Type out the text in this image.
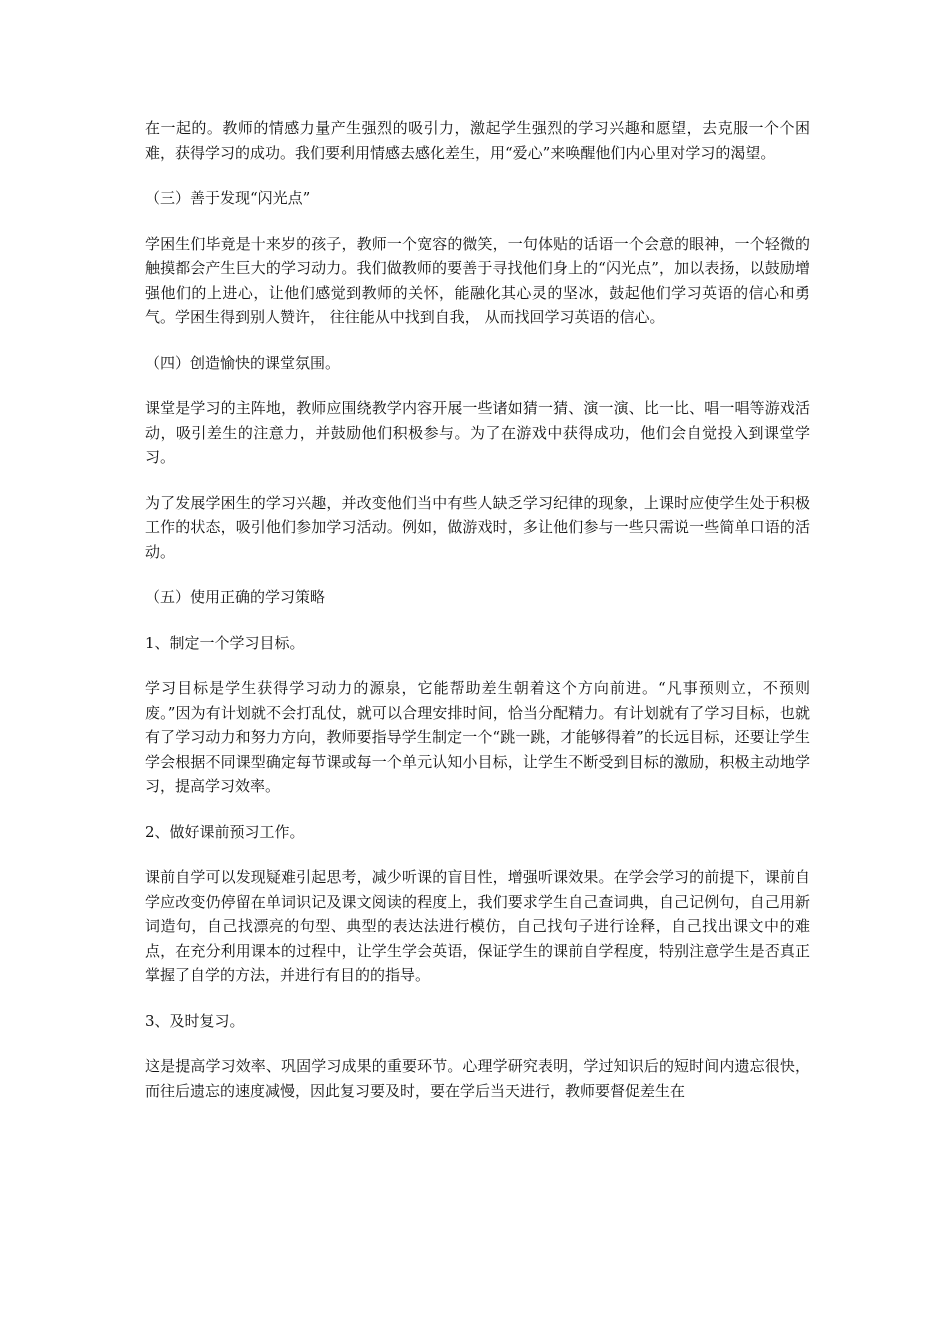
在一起的。教师的情感力量产生强烈的吸引力，激起学生强烈的学习兴趣和愿望，去克服一个个困难，获得学习的成功。我们要利用情感去感化差生，用“爱心”来唤醒他们内心里对学习的渴望。

（三）善于发现“闪光点”

学困生们毕竟是十来岁的孩子，教师一个宽容的微笑，一句体贴的话语一个会意的眼神，一个轻微的触摸都会产生巨大的学习动力。我们做教师的要善于寻找他们身上的“闪光点”，加以表扬，以鼓励增强他们的上进心，让他们感觉到教师的关怀，能融化其心灵的坚冰，鼓起他们学习英语的信心和勇气。学困生得到别人赞许， 往往能从中找到自我， 从而找回学习英语的信心。

（四）创造愉快的课堂氛围。

课堂是学习的主阵地，教师应围绕教学内容开展一些诸如猜一猜、演一演、比一比、唱一唱等游戏活动，吸引差生的注意力，并鼓励他们积极参与。为了在游戏中获得成功，他们会自觉投入到课堂学习。

为了发展学困生的学习兴趣，并改变他们当中有些人缺乏学习纪律的现象，上课时应使学生处于积极工作的状态，吸引他们参加学习活动。例如，做游戏时，多让他们参与一些只需说一些简单口语的活动。

（五）使用正确的学习策略

1、制定一个学习目标。

学习目标是学生获得学习动力的源泉，它能帮助差生朝着这个方向前进。“凡事预则立，不预则废。”因为有计划就不会打乱仗，就可以合理安排时间，恰当分配精力。有计划就有了学习目标，也就有了学习动力和努力方向，教师要指导学生制定一个“跳一跳，才能够得着”的长远目标，还要让学生学会根据不同课型确定每节课或每一个单元认知小目标，让学生不断受到目标的激励，积极主动地学习，提高学习效率。

2、做好课前预习工作。

课前自学可以发现疑难引起思考，减少听课的盲目性，增强听课效果。在学会学习的前提下，课前自学应改变仍停留在单词识记及课文阅读的程度上，我们要求学生自己查词典，自己记例句，自己用新词造句，自己找漂亮的句型、典型的表达法进行模仿，自己找句子进行诠释，自己找出课文中的难点，在充分利用课本的过程中，让学生学会英语，保证学生的课前自学程度，特别注意学生是否真正掌握了自学的方法，并进行有目的的指导。

3、及时复习。

这是提高学习效率、巩固学习成果的重要环节。心理学研究表明，学过知识后的短时间内遗忘很快，而往后遗忘的速度减慢，因此复习要及时，要在学后当天进行，教师要督促差生在
